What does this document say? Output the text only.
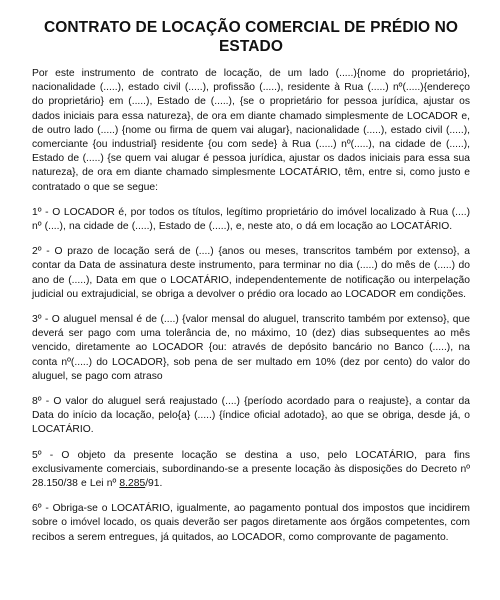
CONTRATO DE LOCAÇÃO COMERCIAL DE PRÉDIO NO
ESTADO

Por este instrumento de contrato de locação, de um lado (.....){nome do proprietário}, nacionalidade (.....), estado civil (.....), profissão (.....), residente à Rua (.....) nº(.....){endereço do proprietário} em (.....), Estado de (.....), {se o proprietário for pessoa jurídica, ajustar os dados iniciais para essa natureza}, de ora em diante chamado simplesmente de LOCADOR e, de outro lado (.....) {nome ou firma de quem vai alugar}, nacionalidade (.....), estado civil (.....), comerciante {ou industrial} residente {ou com sede} à Rua (.....) nº(.....), na cidade de (.....), Estado de (.....) {se quem vai alugar é pessoa jurídica, ajustar os dados iniciais para essa sua natureza}, de ora em diante chamado simplesmente LOCATÁRIO, têm, entre si, como justo e contratado o que se segue:

1º - O LOCADOR é, por todos os títulos, legítimo proprietário do imóvel localizado à Rua (....) nº (....), na cidade de (.....), Estado de (.....), e, neste ato, o dá em locação ao LOCATÁRIO.

2º - O prazo de locação será de (....) {anos ou meses, transcritos também por extenso}, a contar da Data de assinatura deste instrumento, para terminar no dia (.....) do mês de (.....) do ano de (.....), Data em que o LOCATÁRIO, independentemente de notificação ou interpelação judicial ou extrajudicial, se obriga a devolver o prédio ora locado ao LOCADOR em condições.

3º - O aluguel mensal é de (....) {valor mensal do aluguel, transcrito também por extenso}, que deverá ser pago com uma tolerância de, no máximo, 10 (dez) dias subsequentes ao mês vencido, diretamente ao LOCADOR {ou: através de depósito bancário no Banco (.....), na conta nº(.....) do LOCADOR}, sob pena de ser multado em 10% (dez por cento) do valor do aluguel, se pago com atraso

8º - O valor do aluguel será reajustado (....) {período acordado para o reajuste}, a contar da Data do início da locação, pelo{a} (.....) {índice oficial adotado}, ao que se obriga, desde já, o LOCATÁRIO.

5º - O objeto da presente locação se destina a uso, pelo LOCATÁRIO, para fins exclusivamente comerciais, subordinando-se a presente locação às disposições do Decreto nº 28.150/38 e Lei nº 8.285/91.

6º - Obriga-se o LOCATÁRIO, igualmente, ao pagamento pontual dos impostos que incidirem sobre o imóvel locado, os quais deverão ser pagos diretamente aos órgãos competentes, com recibos a serem entregues, já quitados, ao LOCADOR, como comprovante de pagamento.
